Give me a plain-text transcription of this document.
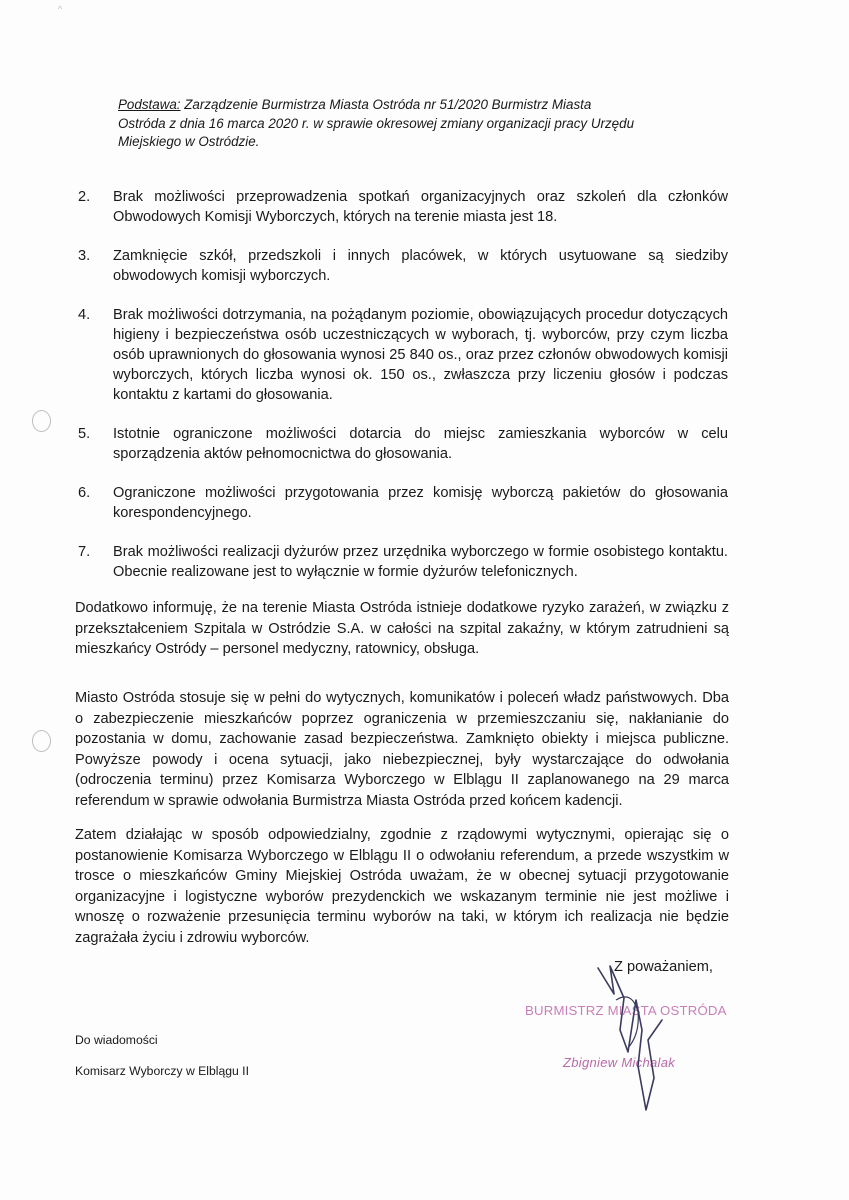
^
Podstawa: Zarządzenie Burmistrza Miasta Ostróda nr 51/2020 Burmistrz Miasta Ostróda z dnia 16 marca 2020 r. w sprawie okresowej zmiany organizacji pracy Urzędu Miejskiego w Ostródzie.
2.	Brak możliwości przeprowadzenia spotkań organizacyjnych oraz szkoleń dla członków Obwodowych Komisji Wyborczych, których na terenie miasta jest 18.
3.	Zamknięcie szkół, przedszkoli i innych placówek, w których usytuowane są siedziby obwodowych komisji wyborczych.
4.	Brak możliwości dotrzymania, na pożądanym poziomie, obowiązujących procedur dotyczących higieny i bezpieczeństwa osób uczestniczących w wyborach, tj. wyborców, przy czym liczba osób uprawnionych do głosowania wynosi 25 840 os., oraz przez członów obwodowych komisji wyborczych, których liczba wynosi ok. 150 os., zwłaszcza przy liczeniu głosów i podczas kontaktu z kartami do głosowania.
5.	Istotnie ograniczone możliwości dotarcia do miejsc zamieszkania wyborców w celu sporządzenia aktów pełnomocnictwa do głosowania.
6.	Ograniczone możliwości przygotowania przez komisję wyborczą pakietów do głosowania korespondencyjnego.
7.	Brak możliwości realizacji dyżurów przez urzędnika wyborczego w formie osobistego kontaktu. Obecnie realizowane jest to wyłącznie w formie dyżurów telefonicznych.
Dodatkowo informuję, że na terenie Miasta Ostróda istnieje dodatkowe ryzyko zarażeń, w związku z przekształceniem Szpitala w Ostródzie S.A. w całości na szpital zakaźny, w którym zatrudnieni są mieszkańcy Ostródy – personel medyczny, ratownicy, obsługa.
Miasto Ostróda stosuje się w pełni do wytycznych, komunikatów i poleceń władz państwowych. Dba o zabezpieczenie mieszkańców poprzez ograniczenia w przemieszczaniu się, nakłanianie do pozostania w domu, zachowanie zasad bezpieczeństwa. Zamknięto obiekty i miejsca publiczne. Powyższe powody i ocena sytuacji, jako niebezpiecznej, były wystarczające do odwołania (odroczenia terminu) przez Komisarza Wyborczego w Elblągu II zaplanowanego na 29 marca referendum w sprawie odwołania Burmistrza Miasta Ostróda przed końcem kadencji.
Zatem działając w sposób odpowiedzialny, zgodnie z rządowymi wytycznymi, opierając się o postanowienie Komisarza Wyborczego w Elblągu II o odwołaniu referendum, a przede wszystkim w trosce o mieszkańców Gminy Miejskiej Ostróda uważam, że w obecnej sytuacji przygotowanie organizacyjne i logistyczne wyborów prezydenckich we wskazanym terminie nie jest możliwe i wnoszę o rozważenie przesunięcia terminu wyborów na taki, w którym ich realizacja nie będzie zagrażała życiu i zdrowiu wyborców.
Z poważaniem,
BURMISTRZ MIASTA OSTRÓDA
Zbigniew Michalak
Do wiadomości
Komisarz Wyborczy w Elblągu II
